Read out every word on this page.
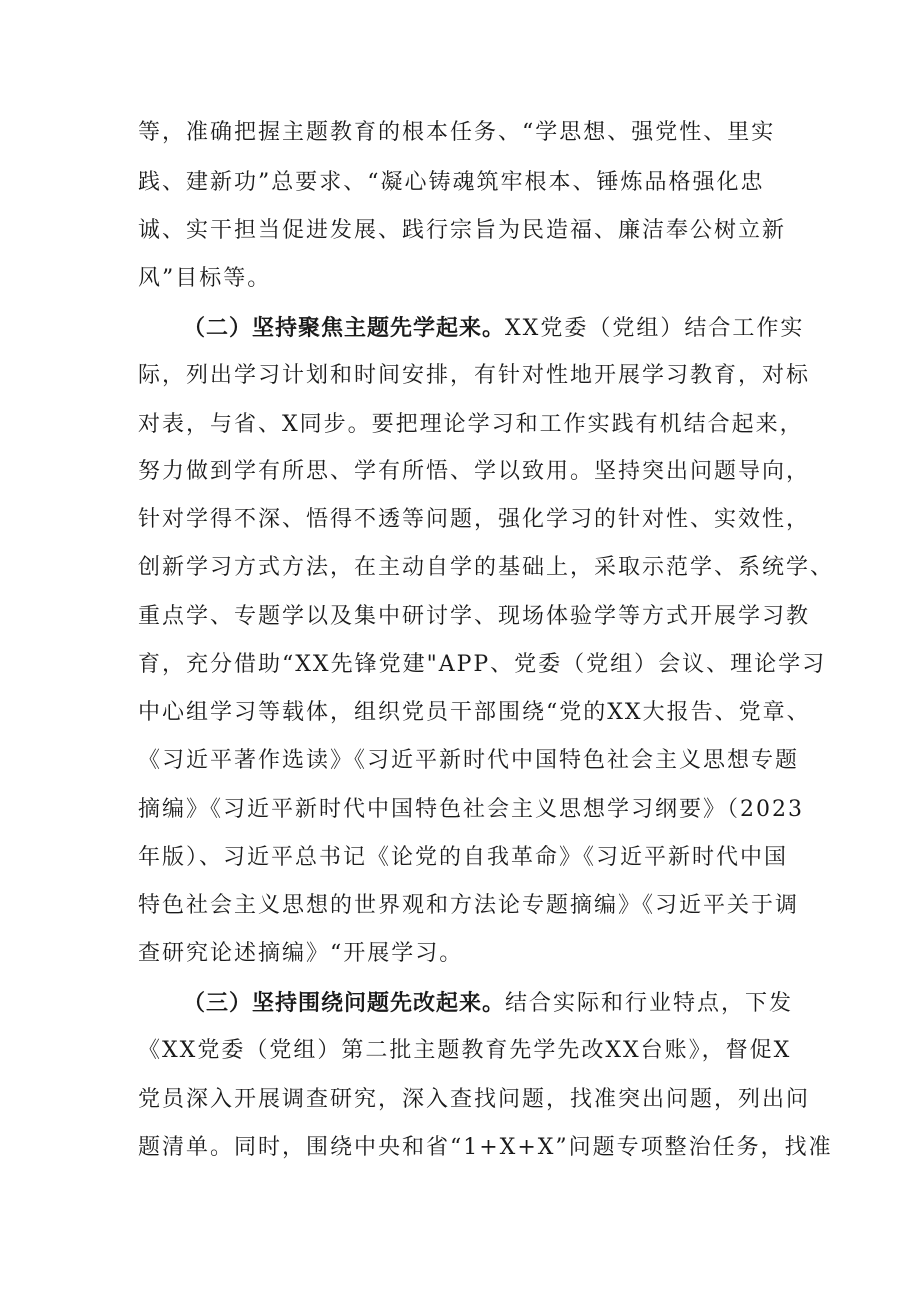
等，准确把握主题教育的根本任务、“学思想、强党性、里实
践、建新功”总要求、“凝心铸魂筑牢根本、锤炼品格强化忠
诚、实干担当促进发展、践行宗旨为民造福、廉洁奉公树立新
风”目标等。
（二）坚持聚焦主题先学起来。XX党委（党组）结合工作实
际，列出学习计划和时间安排，有针对性地开展学习教育，对标
对表，与省、X同步。要把理论学习和工作实践有机结合起来，
努力做到学有所思、学有所悟、学以致用。坚持突出问题导向，
针对学得不深、悟得不透等问题，强化学习的针对性、实效性，
创新学习方式方法，在主动自学的基础上，采取示范学、系统学、
重点学、专题学以及集中研讨学、现场体验学等方式开展学习教
育，充分借助“XX先锋党建"APP、党委（党组）会议、理论学习
中心组学习等载体，组织党员干部围绕“党的XX大报告、党章、
《习近平著作选读》《习近平新时代中国特色社会主义思想专题
摘编》《习近平新时代中国特色社会主义思想学习纲要》（2023
年版）、习近平总书记《论党的自我革命》《习近平新时代中国
特色社会主义思想的世界观和方法论专题摘编》《习近平关于调
查研究论述摘编》“开展学习。
（三）坚持围绕问题先改起来。结合实际和行业特点，下发
《XX党委（党组）第二批主题教育先学先改XX台账》，督促X
党员深入开展调查研究，深入查找问题，找准突出问题，列出问
题清单。同时，围绕中央和省“1+X+X”问题专项整治任务，找准
